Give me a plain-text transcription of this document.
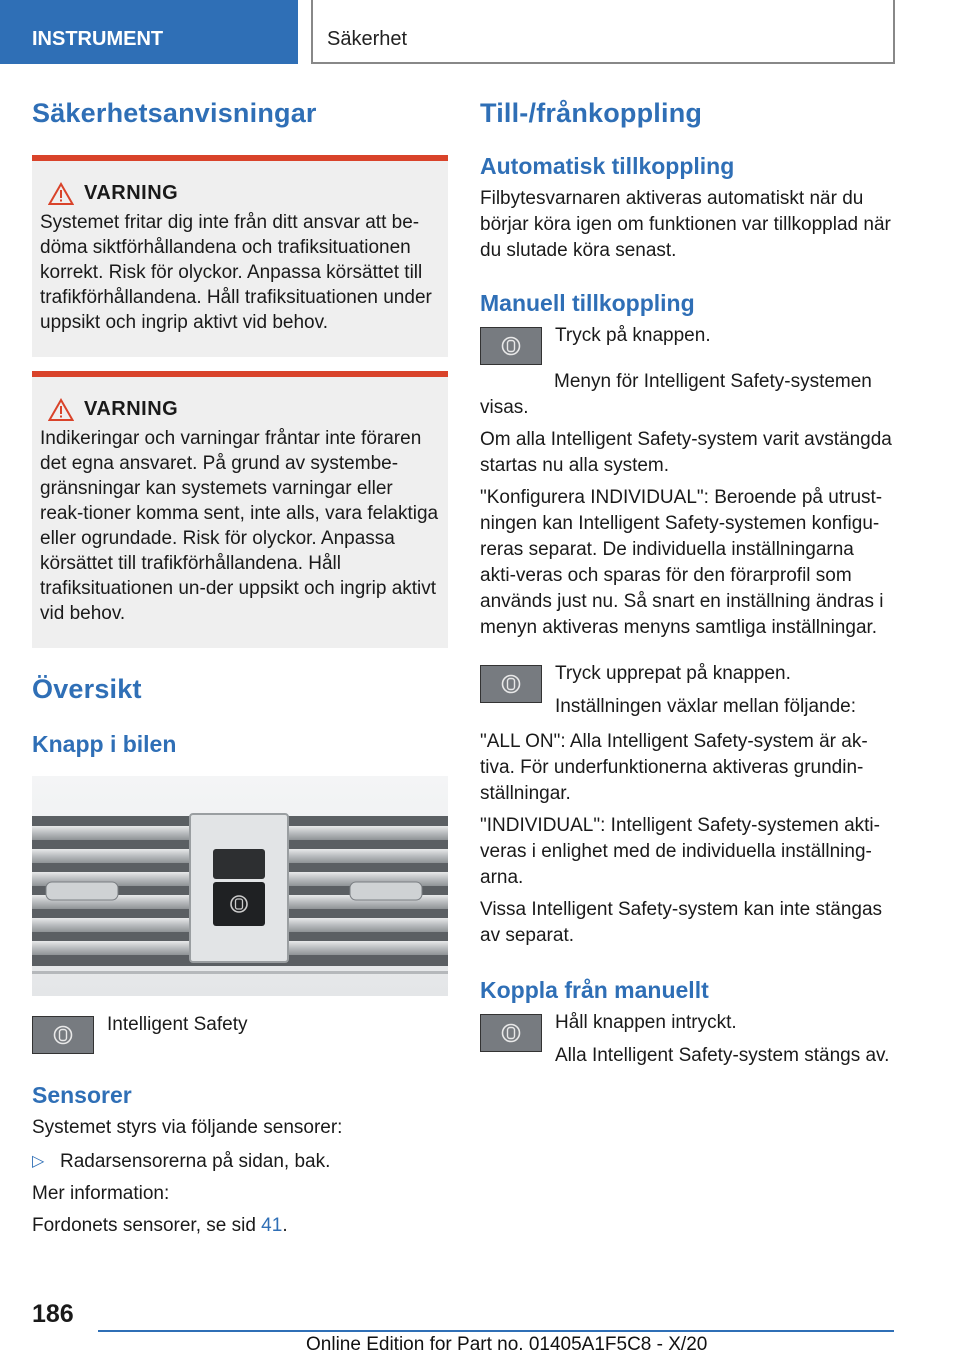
INSTRUMENT	Säkerhet
Säkerhetsanvisningar
VARNING
Systemet fritar dig inte från ditt ansvar att be-döma siktförhållandena och trafiksituationen korrekt. Risk för olyckor. Anpassa körsättet till trafikförhållandena. Håll trafiksituationen under uppsikt och ingrip aktivt vid behov.
VARNING
Indikeringar och varningar fråntar inte föraren det egna ansvaret. På grund av systembe-gränsningar kan systemets varningar eller reak-tioner komma sent, inte alls, vara felaktiga eller ogrundade. Risk för olyckor. Anpassa körsättet till trafikförhållandena. Håll trafiksituationen un-der uppsikt och ingrip aktivt vid behov.
Översikt
Knapp i bilen

Intelligent Safety

Sensorer

Systemet styrs via följande sensorer:

▷ Radarsensorerna på sidan, bak.

Mer information:

Fordonets sensorer, se sid 41.

Till-/frånkoppling
Automatisk tillkoppling

Filbytesvarnaren aktiveras automatiskt när du börjar köra igen om funktionen var tillkopplad när du slutade köra senast.

Manuell tillkoppling

Tryck på knappen.

Menyn för Intelligent Safety-systemen visas.

Om alla Intelligent Safety-system varit avstängda startas nu alla system.

"Konfigurera INDIVIDUAL": Beroende på utrust-ningen kan Intelligent Safety-systemen konfigu-reras separat. De individuella inställningarna akti-veras och sparas för den förarprofil som används just nu. Så snart en inställning ändras i menyn aktiveras menyns samtliga inställningar.

Tryck upprepat på knappen.

Inställningen växlar mellan följande:

"ALL ON": Alla Intelligent Safety-system är ak-tiva. För underfunktionerna aktiveras grundin-ställningar.

"INDIVIDUAL": Intelligent Safety-systemen akti-veras i enlighet med de individuella inställning-arna.

Vissa Intelligent Safety-system kan inte stängas av separat.

Koppla från manuellt

Håll knappen intryckt.

Alla Intelligent Safety-system stängs av.

186
Online Edition for Part no. 01405A1F5C8 - X/20
